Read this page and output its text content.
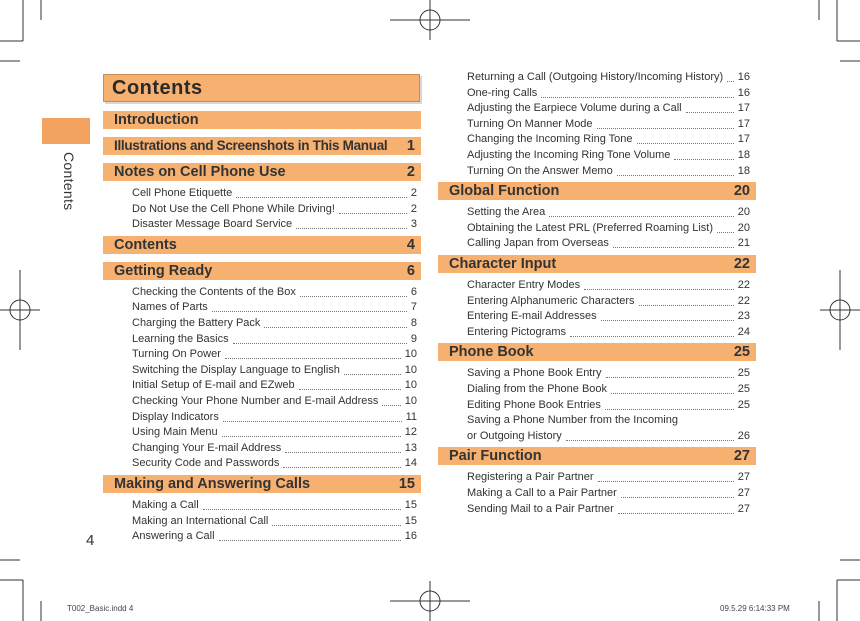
Contents
4
Contents
T002_Basic.indd 4	09.5.29 6:14:33 PM
Introduction
Illustrations and Screenshots in This Manual 1
Notes on Cell Phone Use	2
Cell Phone Etiquette	2
Do Not Use the Cell Phone While Driving!	2
Disaster Message Board Service	3
Contents	4
Getting Ready	6
Checking the Contents of the Box	6
Names of Parts	7
Charging the Battery Pack	8
Learning the Basics	9
Turning On Power	10
Switching the Display Language to English	10
Initial Setup of E-mail and EZweb	10
Checking Your Phone Number and E-mail Address 10
Display Indicators	11
Using Main Menu	12
Changing Your E-mail Address	13
Security Code and Passwords	14
Making and Answering Calls	15
Making a Call	15
Making an International Call	15
Answering a Call	16
Returning a Call (Outgoing History/Incoming History) 16
One-ring Calls	16
Adjusting the Earpiece Volume during a Call	17
Turning On Manner Mode	17
Changing the Incoming Ring Tone	17
Adjusting the Incoming Ring Tone Volume	18
Turning On the Answer Memo	18
Global Function	20
Setting the Area	20
Obtaining the Latest PRL (Preferred Roaming List) 20
Calling Japan from Overseas	21
Character Input	22
Character Entry Modes	22
Entering Alphanumeric Characters	22
Entering E-mail Addresses	23
Entering Pictograms	24
Phone Book	25
Saving a Phone Book Entry	25
Dialing from the Phone Book	25
Editing Phone Book Entries	25
Saving a Phone Number from the Incoming
or Outgoing History	26
Pair Function	27
Registering a Pair Partner	27
Making a Call to a Pair Partner	27
Sending Mail to a Pair Partner	27
